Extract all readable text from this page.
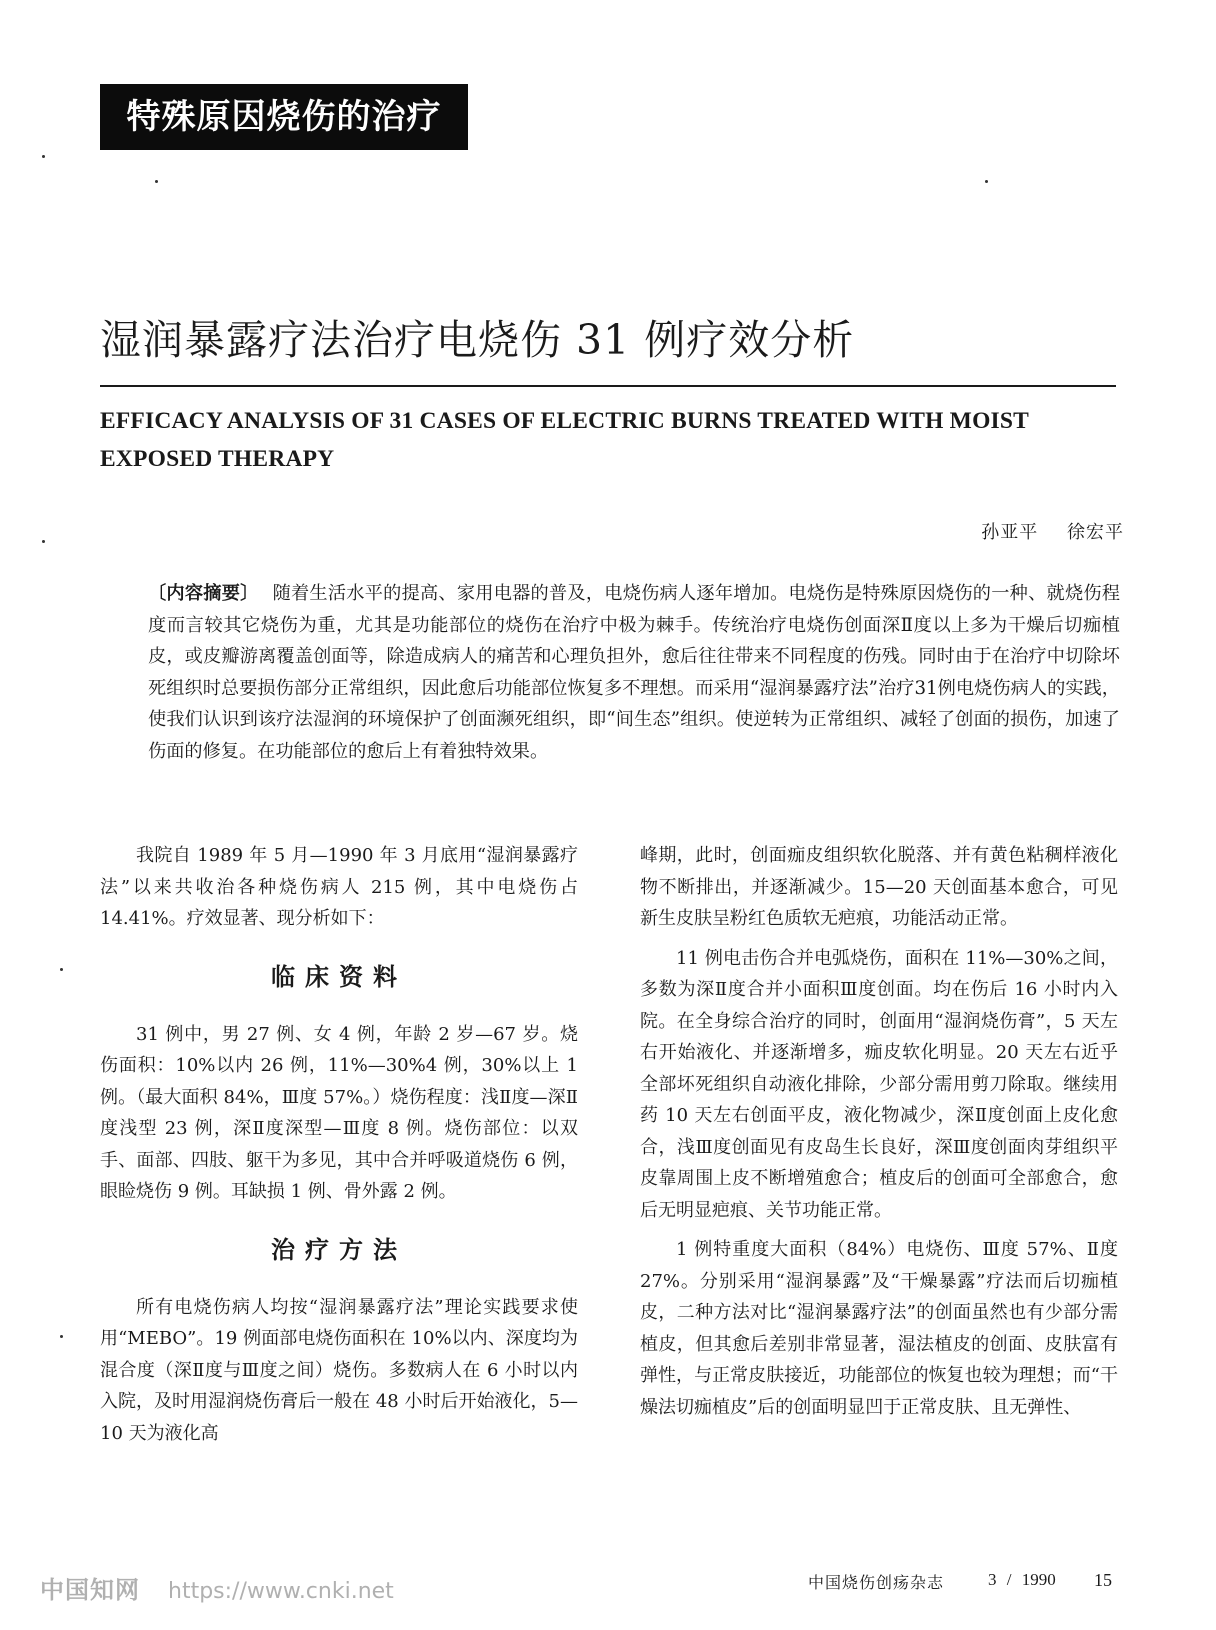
特殊原因烧伤的治疗
湿润暴露疗法治疗电烧伤 31 例疗效分析
EFFICACY ANALYSIS OF 31 CASES OF ELECTRIC BURNS TREATED WITH MOIST EXPOSED THERAPY
孙亚平 徐宏平
〔内容摘要〕 随着生活水平的提高、家用电器的普及，电烧伤病人逐年增加。电烧伤是特殊原因烧伤的一种、就烧伤程度而言较其它烧伤为重，尤其是功能部位的烧伤在治疗中极为棘手。传统治疗电烧伤创面深Ⅱ度以上多为干燥后切痂植皮，或皮瓣游离覆盖创面等，除造成病人的痛苦和心理负担外，愈后往往带来不同程度的伤残。同时由于在治疗中切除坏死组织时总要损伤部分正常组织，因此愈后功能部位恢复多不理想。而采用“湿润暴露疗法”治疗31例电烧伤病人的实践，使我们认识到该疗法湿润的环境保护了创面濒死组织，即“间生态”组织。使逆转为正常组织、减轻了创面的损伤，加速了伤面的修复。在功能部位的愈后上有着独特效果。

我院自 1989 年 5 月—1990 年 3 月底用“湿润暴露疗法”以来共收治各种烧伤病人 215 例，其中电烧伤占 14.41%。疗效显著、现分析如下：

临床资料

31 例中，男 27 例、女 4 例，年龄 2 岁—67 岁。烧伤面积：10%以内 26 例，11%—30%4 例，30%以上 1 例。（最大面积 84%，Ⅲ度 57%。）烧伤程度：浅Ⅱ度—深Ⅱ度浅型 23 例，深Ⅱ度深型—Ⅲ度 8 例。烧伤部位：以双手、面部、四肢、躯干为多见，其中合并呼吸道烧伤 6 例，眼睑烧伤 9 例。耳缺损 1 例、骨外露 2 例。

治疗方法

所有电烧伤病人均按“湿润暴露疗法”理论实践要求使用“MEBO”。19 例面部电烧伤面积在 10%以内、深度均为混合度（深Ⅱ度与Ⅲ度之间）烧伤。多数病人在 6 小时以内入院，及时用湿润烧伤膏后一般在 48 小时后开始液化，5—10 天为液化高

峰期，此时，创面痂皮组织软化脱落、并有黄色粘稠样液化物不断排出，并逐渐减少。15—20 天创面基本愈合，可见新生皮肤呈粉红色质软无疤痕，功能活动正常。

11 例电击伤合并电弧烧伤，面积在 11%—30%之间，多数为深Ⅱ度合并小面积Ⅲ度创面。均在伤后 16 小时内入院。在全身综合治疗的同时，创面用“湿润烧伤膏”，5 天左右开始液化、并逐渐增多，痂皮软化明显。20 天左右近乎全部坏死组织自动液化排除，少部分需用剪刀除取。继续用药 10 天左右创面平皮，液化物减少，深Ⅱ度创面上皮化愈合，浅Ⅲ度创面见有皮岛生长良好，深Ⅲ度创面肉芽组织平皮靠周围上皮不断增殖愈合；植皮后的创面可全部愈合，愈后无明显疤痕、关节功能正常。

1 例特重度大面积（84%）电烧伤、Ⅲ度 57%、Ⅱ度 27%。分别采用“湿润暴露”及“干燥暴露”疗法而后切痂植皮，二种方法对比“湿润暴露疗法”的创面虽然也有少部分需植皮，但其愈后差别非常显著，湿法植皮的创面、皮肤富有弹性，与正常皮肤接近，功能部位的恢复也较为理想；而“干燥法切痂植皮”后的创面明显凹于正常皮肤、且无弹性、

中国知网 https://www.cnki.net	中国烧伤创疡杂志	3 / 1990 15
